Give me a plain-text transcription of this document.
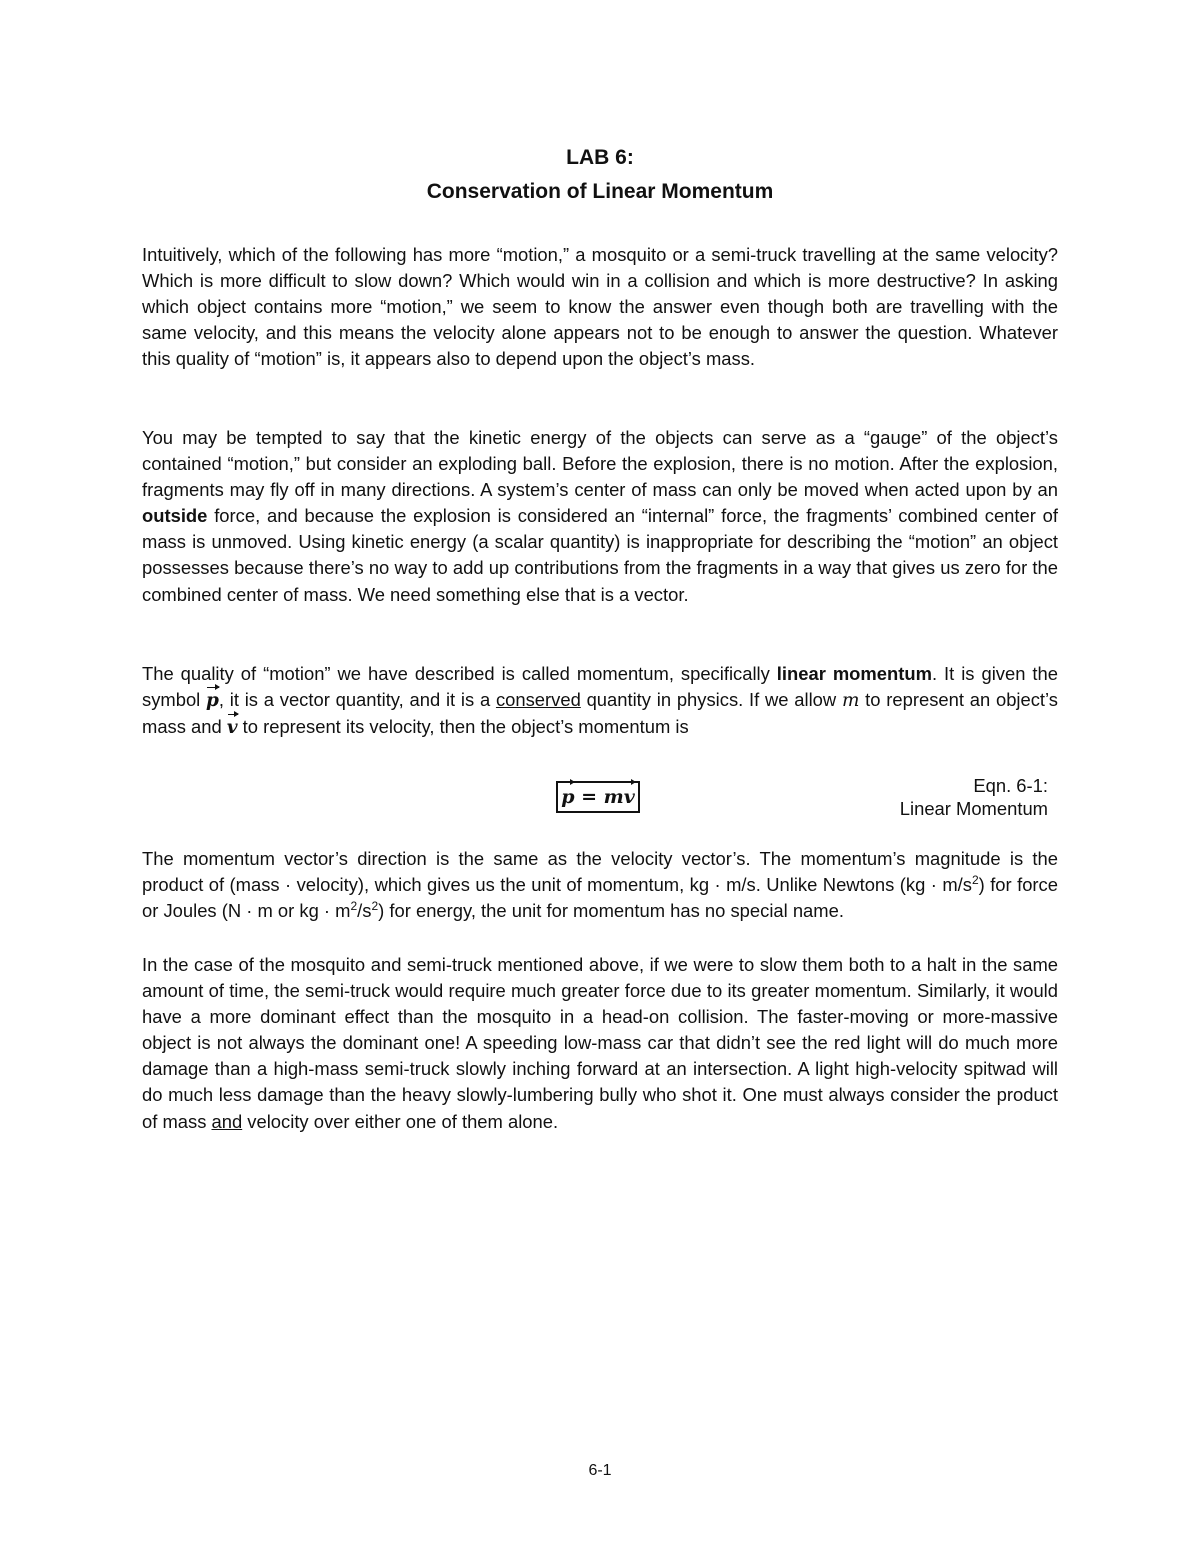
LAB 6:
Conservation of Linear Momentum

Intuitively, which of the following has more “motion,” a mosquito or a semi-truck travelling at the same velocity? Which is more difficult to slow down? Which would win in a collision and which is more destructive? In asking which object contains more “motion,” we seem to know the answer even though both are travelling with the same velocity, and this means the velocity alone appears not to be enough to answer the question. Whatever this quality of “motion” is, it appears also to depend upon the object’s mass.

You may be tempted to say that the kinetic energy of the objects can serve as a “gauge” of the object’s contained “motion,” but consider an exploding ball. Before the explosion, there is no motion. After the explosion, fragments may fly off in many directions. A system’s center of mass can only be moved when acted upon by an outside force, and because the explosion is considered an “internal” force, the fragments’ combined center of mass is unmoved. Using kinetic energy (a scalar quantity) is inappropriate for describing the “motion” an object possesses because there’s no way to add up contributions from the fragments in a way that gives us zero for the combined center of mass. We need something else that is a vector.

The quality of “motion” we have described is called momentum, specifically linear momentum. It is given the symbol p, it is a vector quantity, and it is a conserved quantity in physics. If we allow m to represent an object’s mass and v to represent its velocity, then the object’s momentum is

p = mv
Eqn. 6-1:
Linear Momentum

The momentum vector’s direction is the same as the velocity vector’s. The momentum’s magnitude is the product of (mass · velocity), which gives us the unit of momentum, kg · m/s. Unlike Newtons $(kg \cdot m/s^2)$ for force or Joules (N · m or kg · $m^2/s^2$) for energy, the unit for momentum has no special name.

In the case of the mosquito and semi-truck mentioned above, if we were to slow them both to a halt in the same amount of time, the semi-truck would require much greater force due to its greater momentum. Similarly, it would have a more dominant effect than the mosquito in a head-on collision. The faster-moving or more-massive object is not always the dominant one! A speeding low-mass car that didn’t see the red light will do much more damage than a high-mass semi-truck slowly inching forward at an intersection. A light high-velocity spitwad will do much less damage than the heavy slowly-lumbering bully who shot it. One must always consider the product of mass and velocity over either one of them alone.

6-1
